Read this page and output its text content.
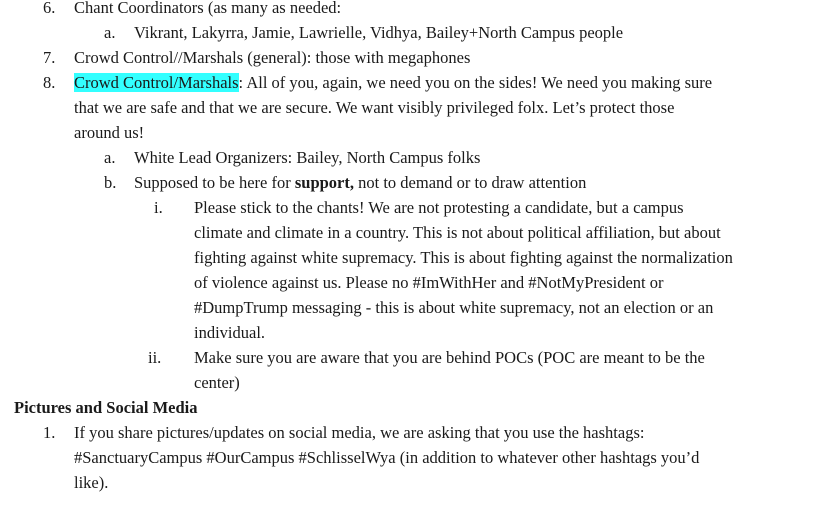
6. Chant Coordinators (as many as needed:
a. Vikrant, Lakyrra, Jamie, Lawrielle, Vidhya, Bailey+North Campus people
7. Crowd Control//Marshals (general): those with megaphones
8. Crowd Control/Marshals: All of you, again, we need you on the sides! We need you making sure
that we are safe and that we are secure. We want visibly privileged folx. Let’s protect those
around us!
a. White Lead Organizers: Bailey, North Campus folks
b. Supposed to be here for support, not to demand or to draw attention
i. Please stick to the chants! We are not protesting a candidate, but a campus
climate and climate in a country. This is not about political affiliation, but about
fighting against white supremacy. This is about fighting against the normalization
of violence against us. Please no #ImWithHer and #NotMyPresident or
#DumpTrump messaging - this is about white supremacy, not an election or an
individual.
ii. Make sure you are aware that you are behind POCs (POC are meant to be the
center)
Pictures and Social Media
1. If you share pictures/updates on social media, we are asking that you use the hashtags:
#SanctuaryCampus #OurCampus #SchlisselWya (in addition to whatever other hashtags you’d
like).
